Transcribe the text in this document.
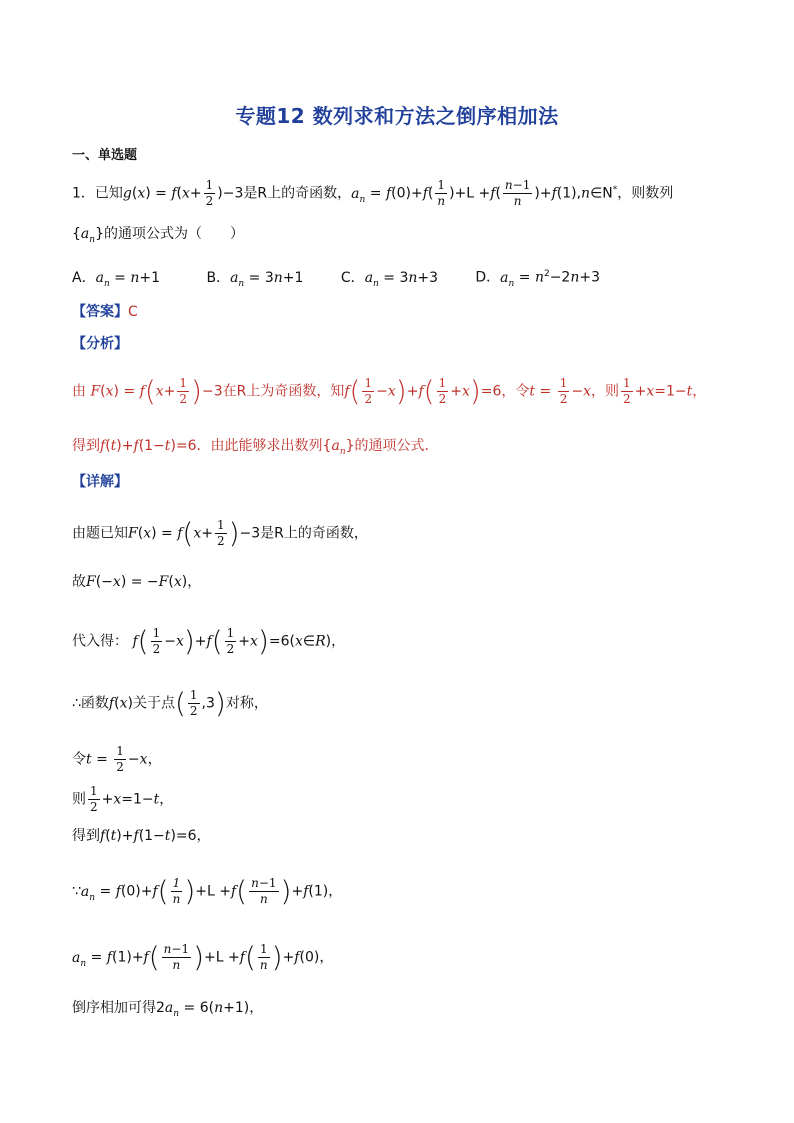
专题12 数列求和方法之倒序相加法
一、单选题
1．已知$g(x) = f(x+ \frac{1}{2} )-3$是R上的奇函数，$a_n = f(0)+f( \frac{1}{n} )+L +f( \frac{n-1}{n}$ )+f(1),n∈N*，则数列
$\{a_n\}$的通项公式为（　　）
A．$a_n = n+1$	B．$a_n = 3n+1$	C．$a_n = 3n+3$	D．$a_n = n^2-2n+3$
【答案】C
【分析】
由 $F(x) = f(x+ \frac{1}{2} )-3$在R上为奇函数，知$f( \frac{1}{2} -x)+f( \frac{1}{2} +x)=6$，令$t = \frac{1}{2} -x$，则 $\frac{1}{2} +x=1-t$，
得到f(t)+f(1−t)=6．由此能够求出数列$\{a_n\}$的通项公式．
【详解】
由题已知$F(x) = f(x+ \frac{1}{2} )-3$是R上的奇函数，
故F(−x) = −F(x)，
代入得： $f( \frac{1}{2} -x)+f( \frac{1}{2}$ +x)=6(x∈R)，
∴函数f(x)关于点( $\frac{1}{2} ,3$)对称，
令$t = \frac{1}{2} -x$，
则 $\frac{1}{2} +x=1-t$，
得到f(t)+f(1−t)=6，
$\because a_n = f(0)+f( \frac{1}{n} )+L +f( \frac{n-1}{n} )+f(1)$，
$a_n = f(1)+f( \frac{n-1}{n} )+L +f( \frac{1}{n} )+f(0)$，
倒序相加可得$2a_n = 6(n+1)$，
